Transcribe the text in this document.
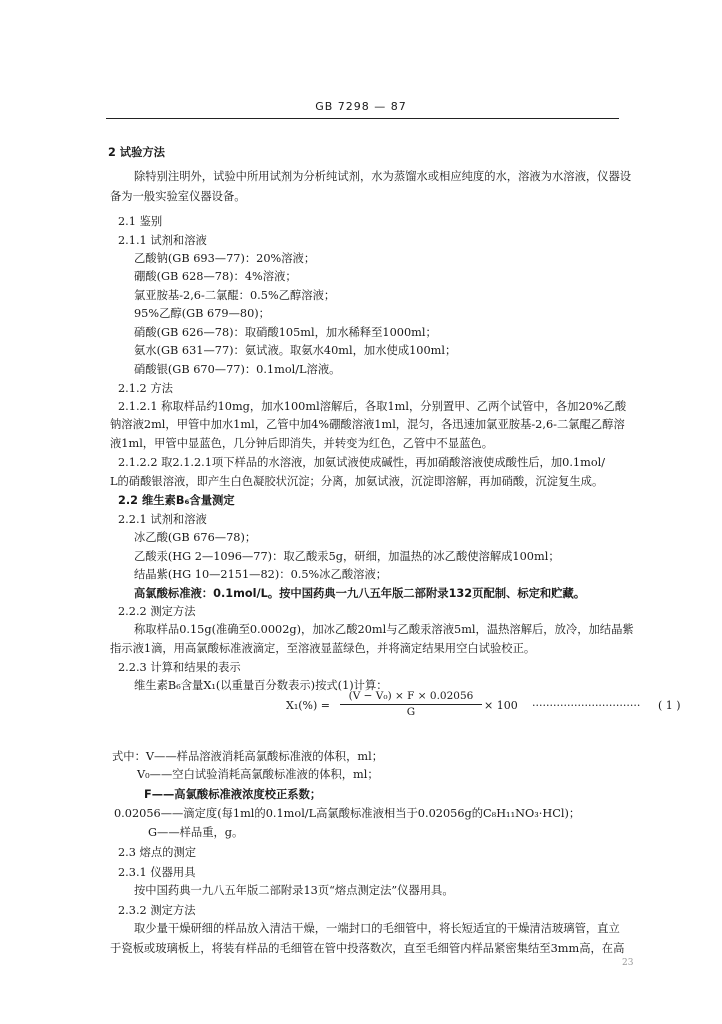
GB 7298 — 87
2 试验方法
除特别注明外，试验中所用试剂为分析纯试剂，水为蒸馏水或相应纯度的水，溶液为水溶液，仪器设
备为一般实验室仪器设备。
2.1 鉴别
2.1.1 试剂和溶液
乙酸钠(GB 693—77)：20%溶液；
硼酸(GB 628—78)：4%溶液；
氯亚胺基-2,6-二氯醌：0.5%乙醇溶液；
95%乙醇(GB 679—80)；
硝酸(GB 626—78)：取硝酸105ml，加水稀释至1000ml；
氨水(GB 631—77)：氨试液。取氨水40ml，加水使成100ml；
硝酸银(GB 670—77)：0.1mol/L溶液。
2.1.2 方法
2.1.2.1 称取样品约10mg，加水100ml溶解后，各取1ml，分别置甲、乙两个试管中，各加20%乙酸
钠溶液2ml，甲管中加水1ml，乙管中加4%硼酸溶液1ml，混匀，各迅速加氯亚胺基-2,6-二氯醌乙醇溶
液1ml，甲管中显蓝色，几分钟后即消失，并转变为红色，乙管中不显蓝色。
2.1.2.2 取2.1.2.1项下样品的水溶液，加氨试液使成碱性，再加硝酸溶液使成酸性后，加0.1mol/
L的硝酸银溶液，即产生白色凝胶状沉淀；分离，加氨试液，沉淀即溶解，再加硝酸，沉淀复生成。
2.2 维生素B₆含量测定
2.2.1 试剂和溶液
冰乙酸(GB 676—78)；
乙酸汞(HG 2—1096—77)：取乙酸汞5g，研细，加温热的冰乙酸使溶解成100ml；
结晶紫(HG 10—2151—82)：0.5%冰乙酸溶液；
高氯酸标准液：0.1mol/L。按中国药典一九八五年版二部附录132页配制、标定和贮藏。
2.2.2 测定方法
称取样品0.15g(准确至0.0002g)，加冰乙酸20ml与乙酸汞溶液5ml，温热溶解后，放冷，加结晶紫
指示液1滴，用高氯酸标准液滴定，至溶液显蓝绿色，并将滴定结果用空白试验校正。
2.2.3 计算和结果的表示
维生素B₆含量X₁(以重量百分数表示)按式(1)计算：
式中：V——样品溶液消耗高氯酸标准液的体积，ml；
V₀——空白试验消耗高氯酸标准液的体积，ml；
F——高氯酸标准液浓度校正系数；
0.02056——滴定度(每1ml的0.1mol/L高氯酸标准液相当于0.02056g的C₈H₁₁NO₃·HCl)；
G——样品重，g。
2.3 熔点的测定
2.3.1 仪器用具
按中国药典一九八五年版二部附录13页“熔点测定法”仪器用具。
2.3.2 测定方法
取少量干燥研细的样品放入清洁干燥，一端封口的毛细管中，将长短适宜的干燥清洁玻璃管，直立
于瓷板或玻璃板上，将装有样品的毛细管在管中投落数次，直至毛细管内样品紧密集结至3mm高，在高
X₁(%) =
(V − V₀) × F × 0.02056
G	× 100 ······························· ( 1 )
23
